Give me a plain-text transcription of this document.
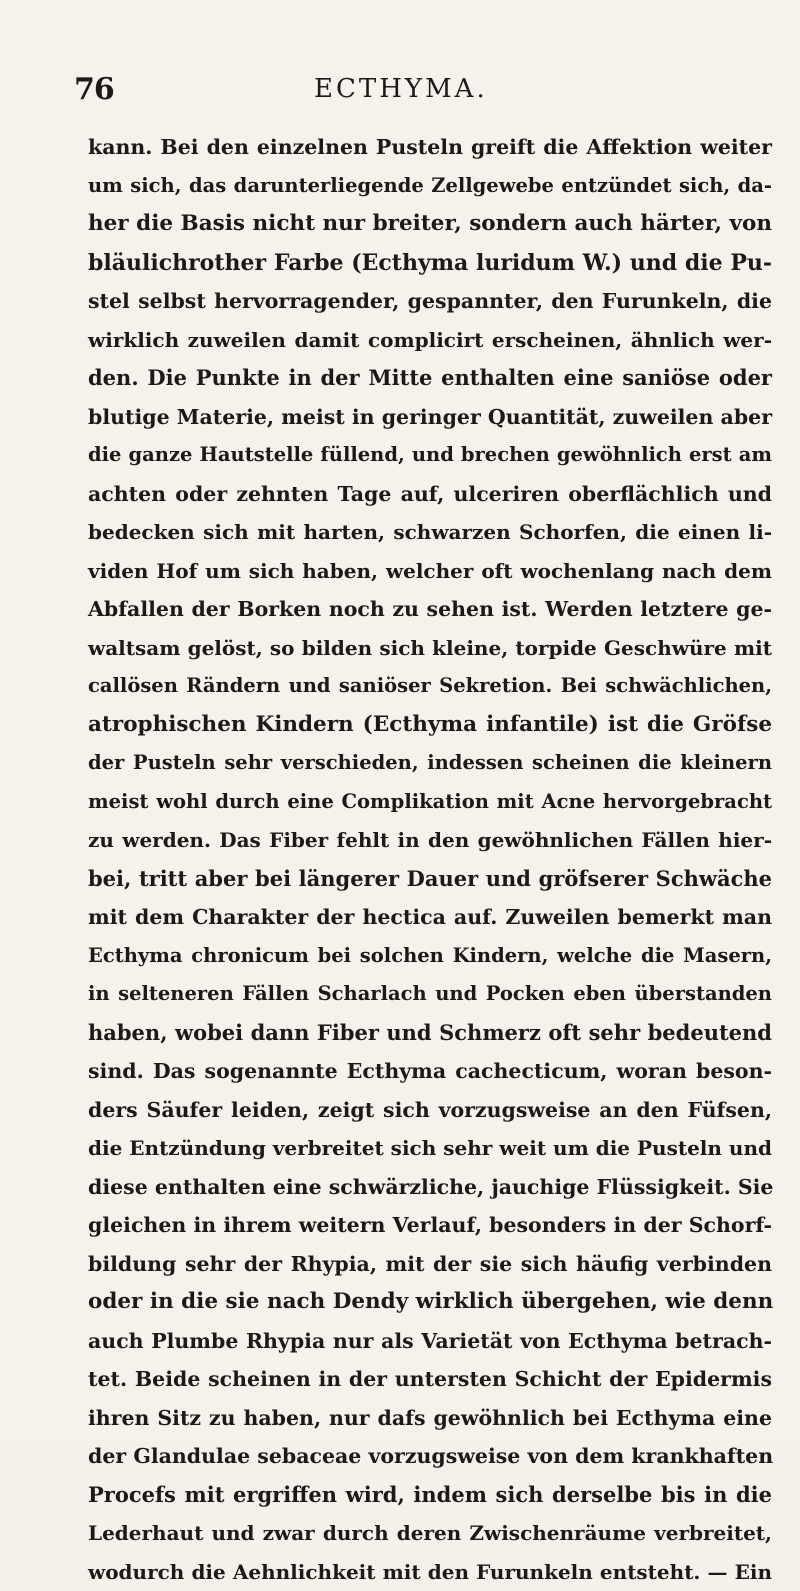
76	ECTHYMA.
kann. Bei den einzelnen Pusteln greift die Affektion weiter
um sich, das darunterliegende Zellgewebe entzündet sich, da-
her die Basis nicht nur breiter, sondern auch härter, von
bläulichrother Farbe (Ecthyma luridum W.) und die Pu-
stel selbst hervorragender, gespannter, den Furunkeln, die
wirklich zuweilen damit complicirt erscheinen, ähnlich wer-
den. Die Punkte in der Mitte enthalten eine saniöse oder
blutige Materie, meist in geringer Quantität, zuweilen aber
die ganze Hautstelle füllend, und brechen gewöhnlich erst am
achten oder zehnten Tage auf, ulceriren oberflächlich und
bedecken sich mit harten, schwarzen Schorfen, die einen li-
viden Hof um sich haben, welcher oft wochenlang nach dem
Abfallen der Borken noch zu sehen ist. Werden letztere ge-
waltsam gelöst, so bilden sich kleine, torpide Geschwüre mit
callösen Rändern und saniöser Sekretion. Bei schwächlichen,
atrophischen Kindern (Ecthyma infantile) ist die Gröfse
der Pusteln sehr verschieden, indessen scheinen die kleinern
meist wohl durch eine Complikation mit Acne hervorgebracht
zu werden. Das Fiber fehlt in den gewöhnlichen Fällen hier-
bei, tritt aber bei längerer Dauer und gröfserer Schwäche
mit dem Charakter der hectica auf. Zuweilen bemerkt man
Ecthyma chronicum bei solchen Kindern, welche die Masern,
in selteneren Fällen Scharlach und Pocken eben überstanden
haben, wobei dann Fiber und Schmerz oft sehr bedeutend
sind. Das sogenannte Ecthyma cachecticum, woran beson-
ders Säufer leiden, zeigt sich vorzugsweise an den Füfsen,
die Entzündung verbreitet sich sehr weit um die Pusteln und
diese enthalten eine schwärzliche, jauchige Flüssigkeit. Sie
gleichen in ihrem weitern Verlauf, besonders in der Schorf-
bildung sehr der Rhypia, mit der sie sich häufig verbinden
oder in die sie nach Dendy wirklich übergehen, wie denn
auch Plumbe Rhypia nur als Varietät von Ecthyma betrach-
tet. Beide scheinen in der untersten Schicht der Epidermis
ihren Sitz zu haben, nur dafs gewöhnlich bei Ecthyma eine
der Glandulae sebaceae vorzugsweise von dem krankhaften
Procefs mit ergriffen wird, indem sich derselbe bis in die
Lederhaut und zwar durch deren Zwischenräume verbreitet,
wodurch die Aehnlichkeit mit den Furunkeln entsteht. — Ein
